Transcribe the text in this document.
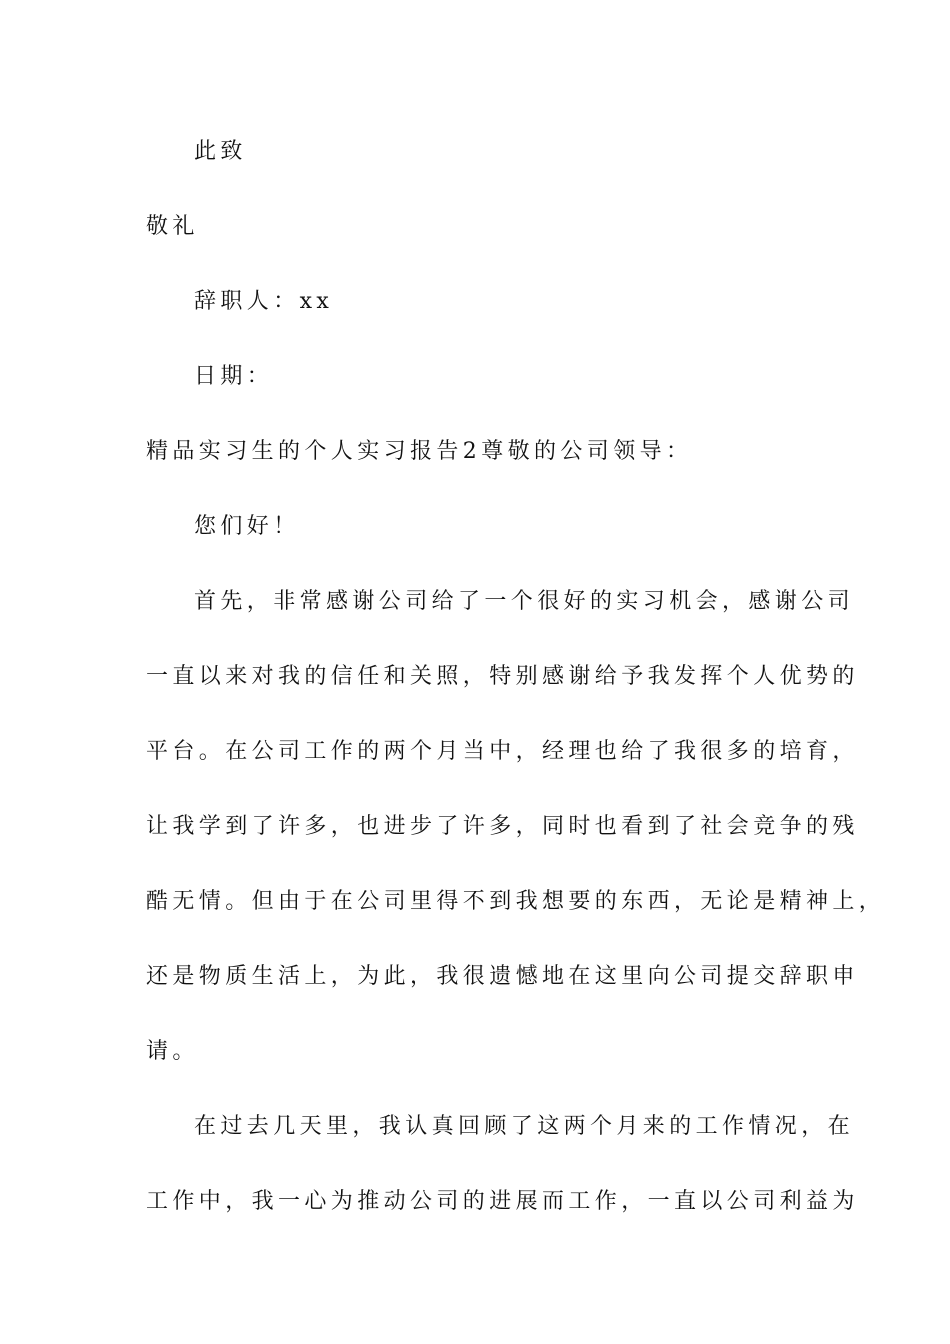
此致
敬礼
辞职人：xx
日期：
精品实习生的个人实习报告2尊敬的公司领导：
您们好！
首先，非常感谢公司给了一个很好的实习机会，感谢公司
一直以来对我的信任和关照，特别感谢给予我发挥个人优势的
平台。在公司工作的两个月当中，经理也给了我很多的培育，
让我学到了许多，也进步了许多，同时也看到了社会竞争的残
酷无情。但由于在公司里得不到我想要的东西，无论是精神上，
还是物质生活上，为此，我很遗憾地在这里向公司提交辞职申
请。
在过去几天里，我认真回顾了这两个月来的工作情况，在
工作中，我一心为推动公司的进展而工作，一直以公司利益为
